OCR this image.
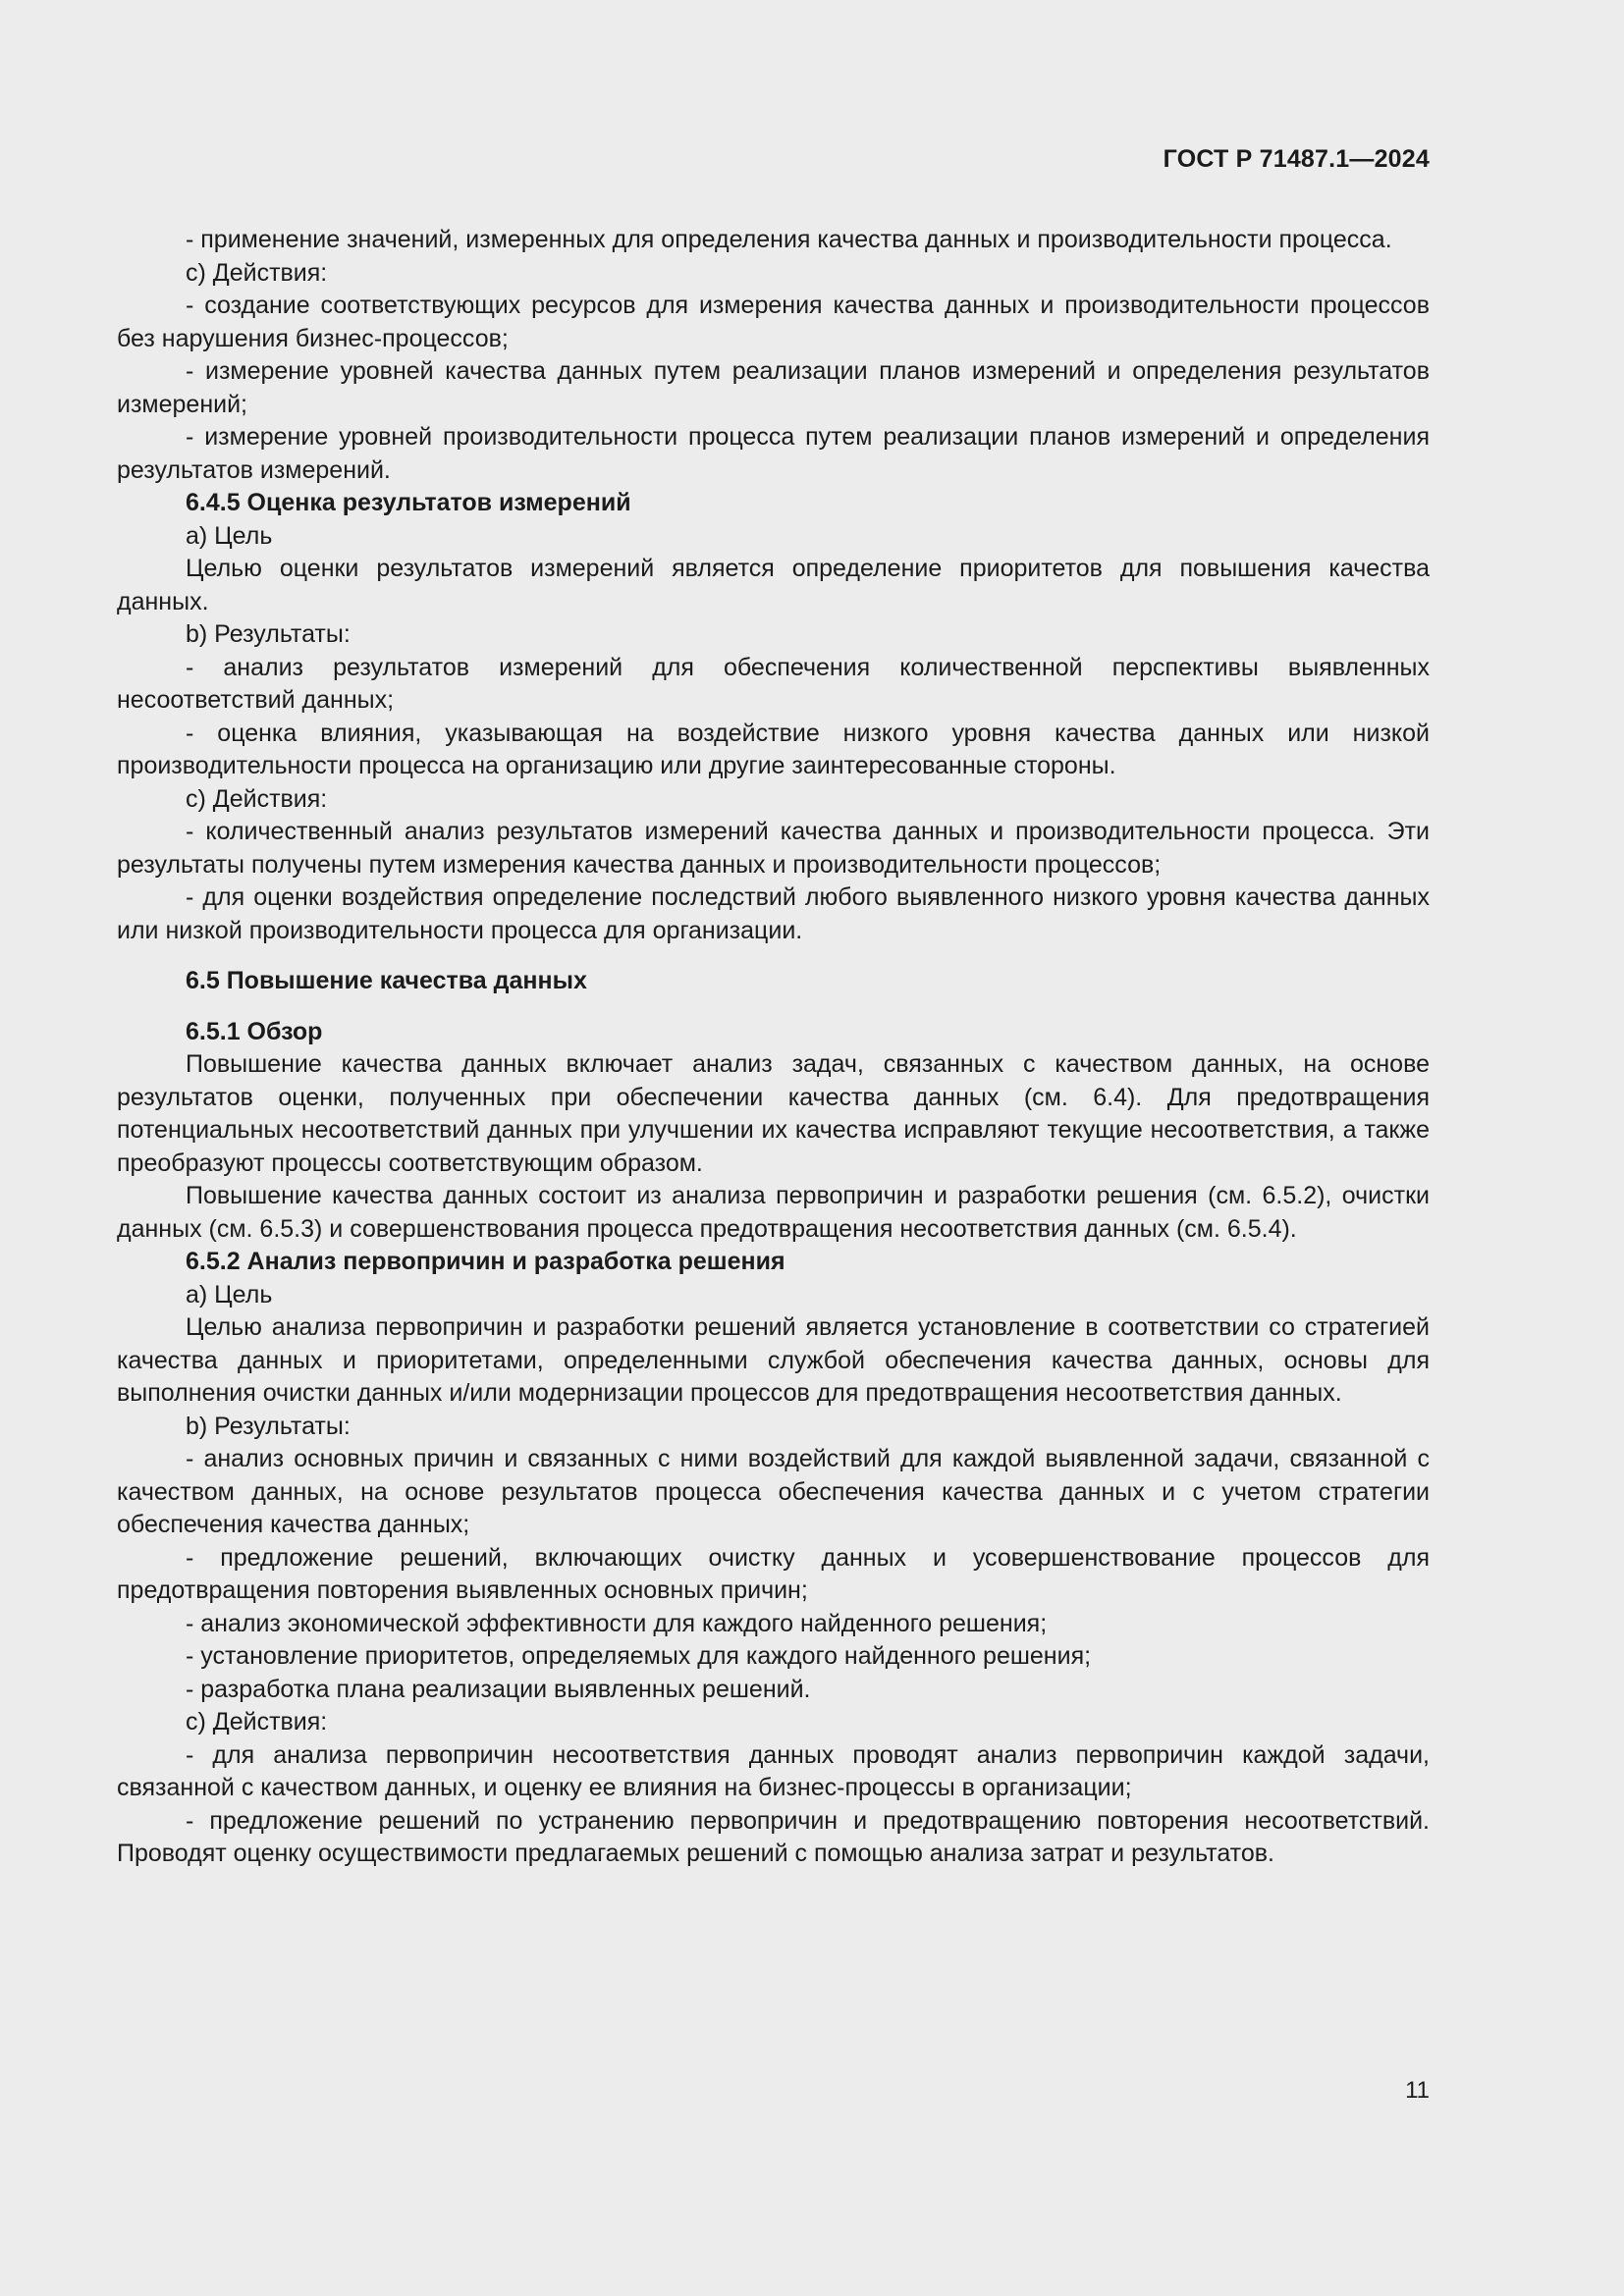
ГОСТ Р 71487.1—2024

- применение значений, измеренных для определения качества данных и производительности процесса.

c) Действия:

- создание соответствующих ресурсов для измерения качества данных и производительности процессов без нарушения бизнес-процессов;

- измерение уровней качества данных путем реализации планов измерений и определения результатов измерений;

- измерение уровней производительности процесса путем реализации планов измерений и определения результатов измерений.

6.4.5 Оценка результатов измерений

a) Цель

Целью оценки результатов измерений является определение приоритетов для повышения качества данных.

b) Результаты:

- анализ результатов измерений для обеспечения количественной перспективы выявленных несоответствий данных;

- оценка влияния, указывающая на воздействие низкого уровня качества данных или низкой производительности процесса на организацию или другие заинтересованные стороны.

c) Действия:

- количественный анализ результатов измерений качества данных и производительности процесса. Эти результаты получены путем измерения качества данных и производительности процессов;

- для оценки воздействия определение последствий любого выявленного низкого уровня качества данных или низкой производительности процесса для организации.

6.5 Повышение качества данных

6.5.1 Обзор

Повышение качества данных включает анализ задач, связанных с качеством данных, на основе результатов оценки, полученных при обеспечении качества данных (см. 6.4). Для предотвращения потенциальных несоответствий данных при улучшении их качества исправляют текущие несоответствия, а также преобразуют процессы соответствующим образом.

Повышение качества данных состоит из анализа первопричин и разработки решения (см. 6.5.2), очистки данных (см. 6.5.3) и совершенствования процесса предотвращения несоответствия данных (см. 6.5.4).

6.5.2 Анализ первопричин и разработка решения

a) Цель

Целью анализа первопричин и разработки решений является установление в соответствии со стратегией качества данных и приоритетами, определенными службой обеспечения качества данных, основы для выполнения очистки данных и/или модернизации процессов для предотвращения несоответствия данных.

b) Результаты:

- анализ основных причин и связанных с ними воздействий для каждой выявленной задачи, связанной с качеством данных, на основе результатов процесса обеспечения качества данных и с учетом стратегии обеспечения качества данных;

- предложение решений, включающих очистку данных и усовершенствование процессов для предотвращения повторения выявленных основных причин;

- анализ экономической эффективности для каждого найденного решения;

- установление приоритетов, определяемых для каждого найденного решения;

- разработка плана реализации выявленных решений.

c) Действия:

- для анализа первопричин несоответствия данных проводят анализ первопричин каждой задачи, связанной с качеством данных, и оценку ее влияния на бизнес-процессы в организации;

- предложение решений по устранению первопричин и предотвращению повторения несоответствий. Проводят оценку осуществимости предлагаемых решений с помощью анализа затрат и результатов.

11
